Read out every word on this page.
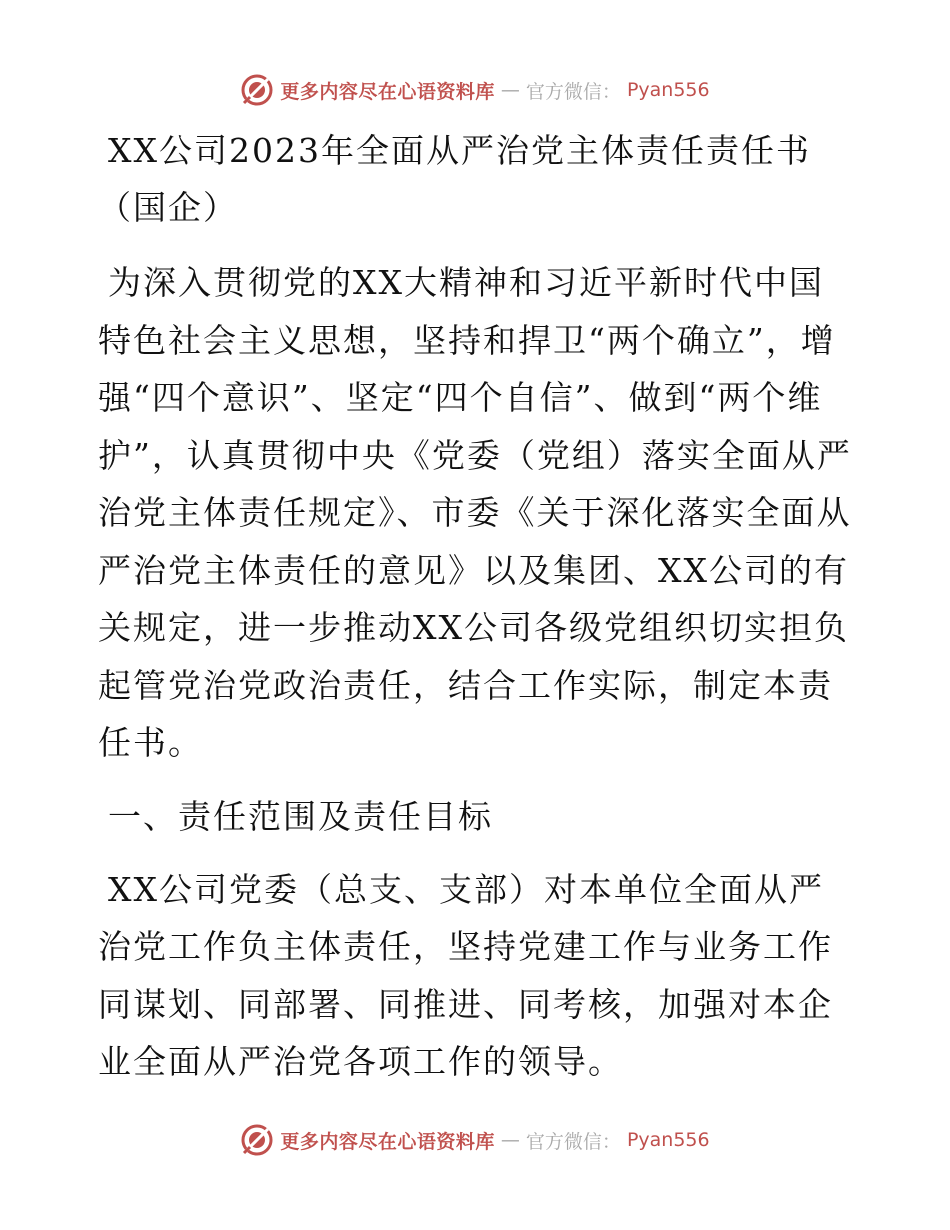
更多内容尽在心语资料库 — 官方微信： Pyan556

XX公司2023年全面从严治党主体责任责任书（国企）

为深入贯彻党的XX大精神和习近平新时代中国特色社会主义思想，坚持和捍卫“两个确立”，增强“四个意识”、坚定“四个自信”、做到“两个维护”，认真贯彻中央《党委（党组）落实全面从严治党主体责任规定》、市委《关于深化落实全面从严治党主体责任的意见》以及集团、XX公司的有关规定，进一步推动XX公司各级党组织切实担负起管党治党政治责任，结合工作实际，制定本责任书。

一、责任范围及责任目标

XX公司党委（总支、支部）对本单位全面从严治党工作负主体责任，坚持党建工作与业务工作同谋划、同部署、同推进、同考核，加强对本企业全面从严治党各项工作的领导。

更多内容尽在心语资料库 — 官方微信： Pyan556
